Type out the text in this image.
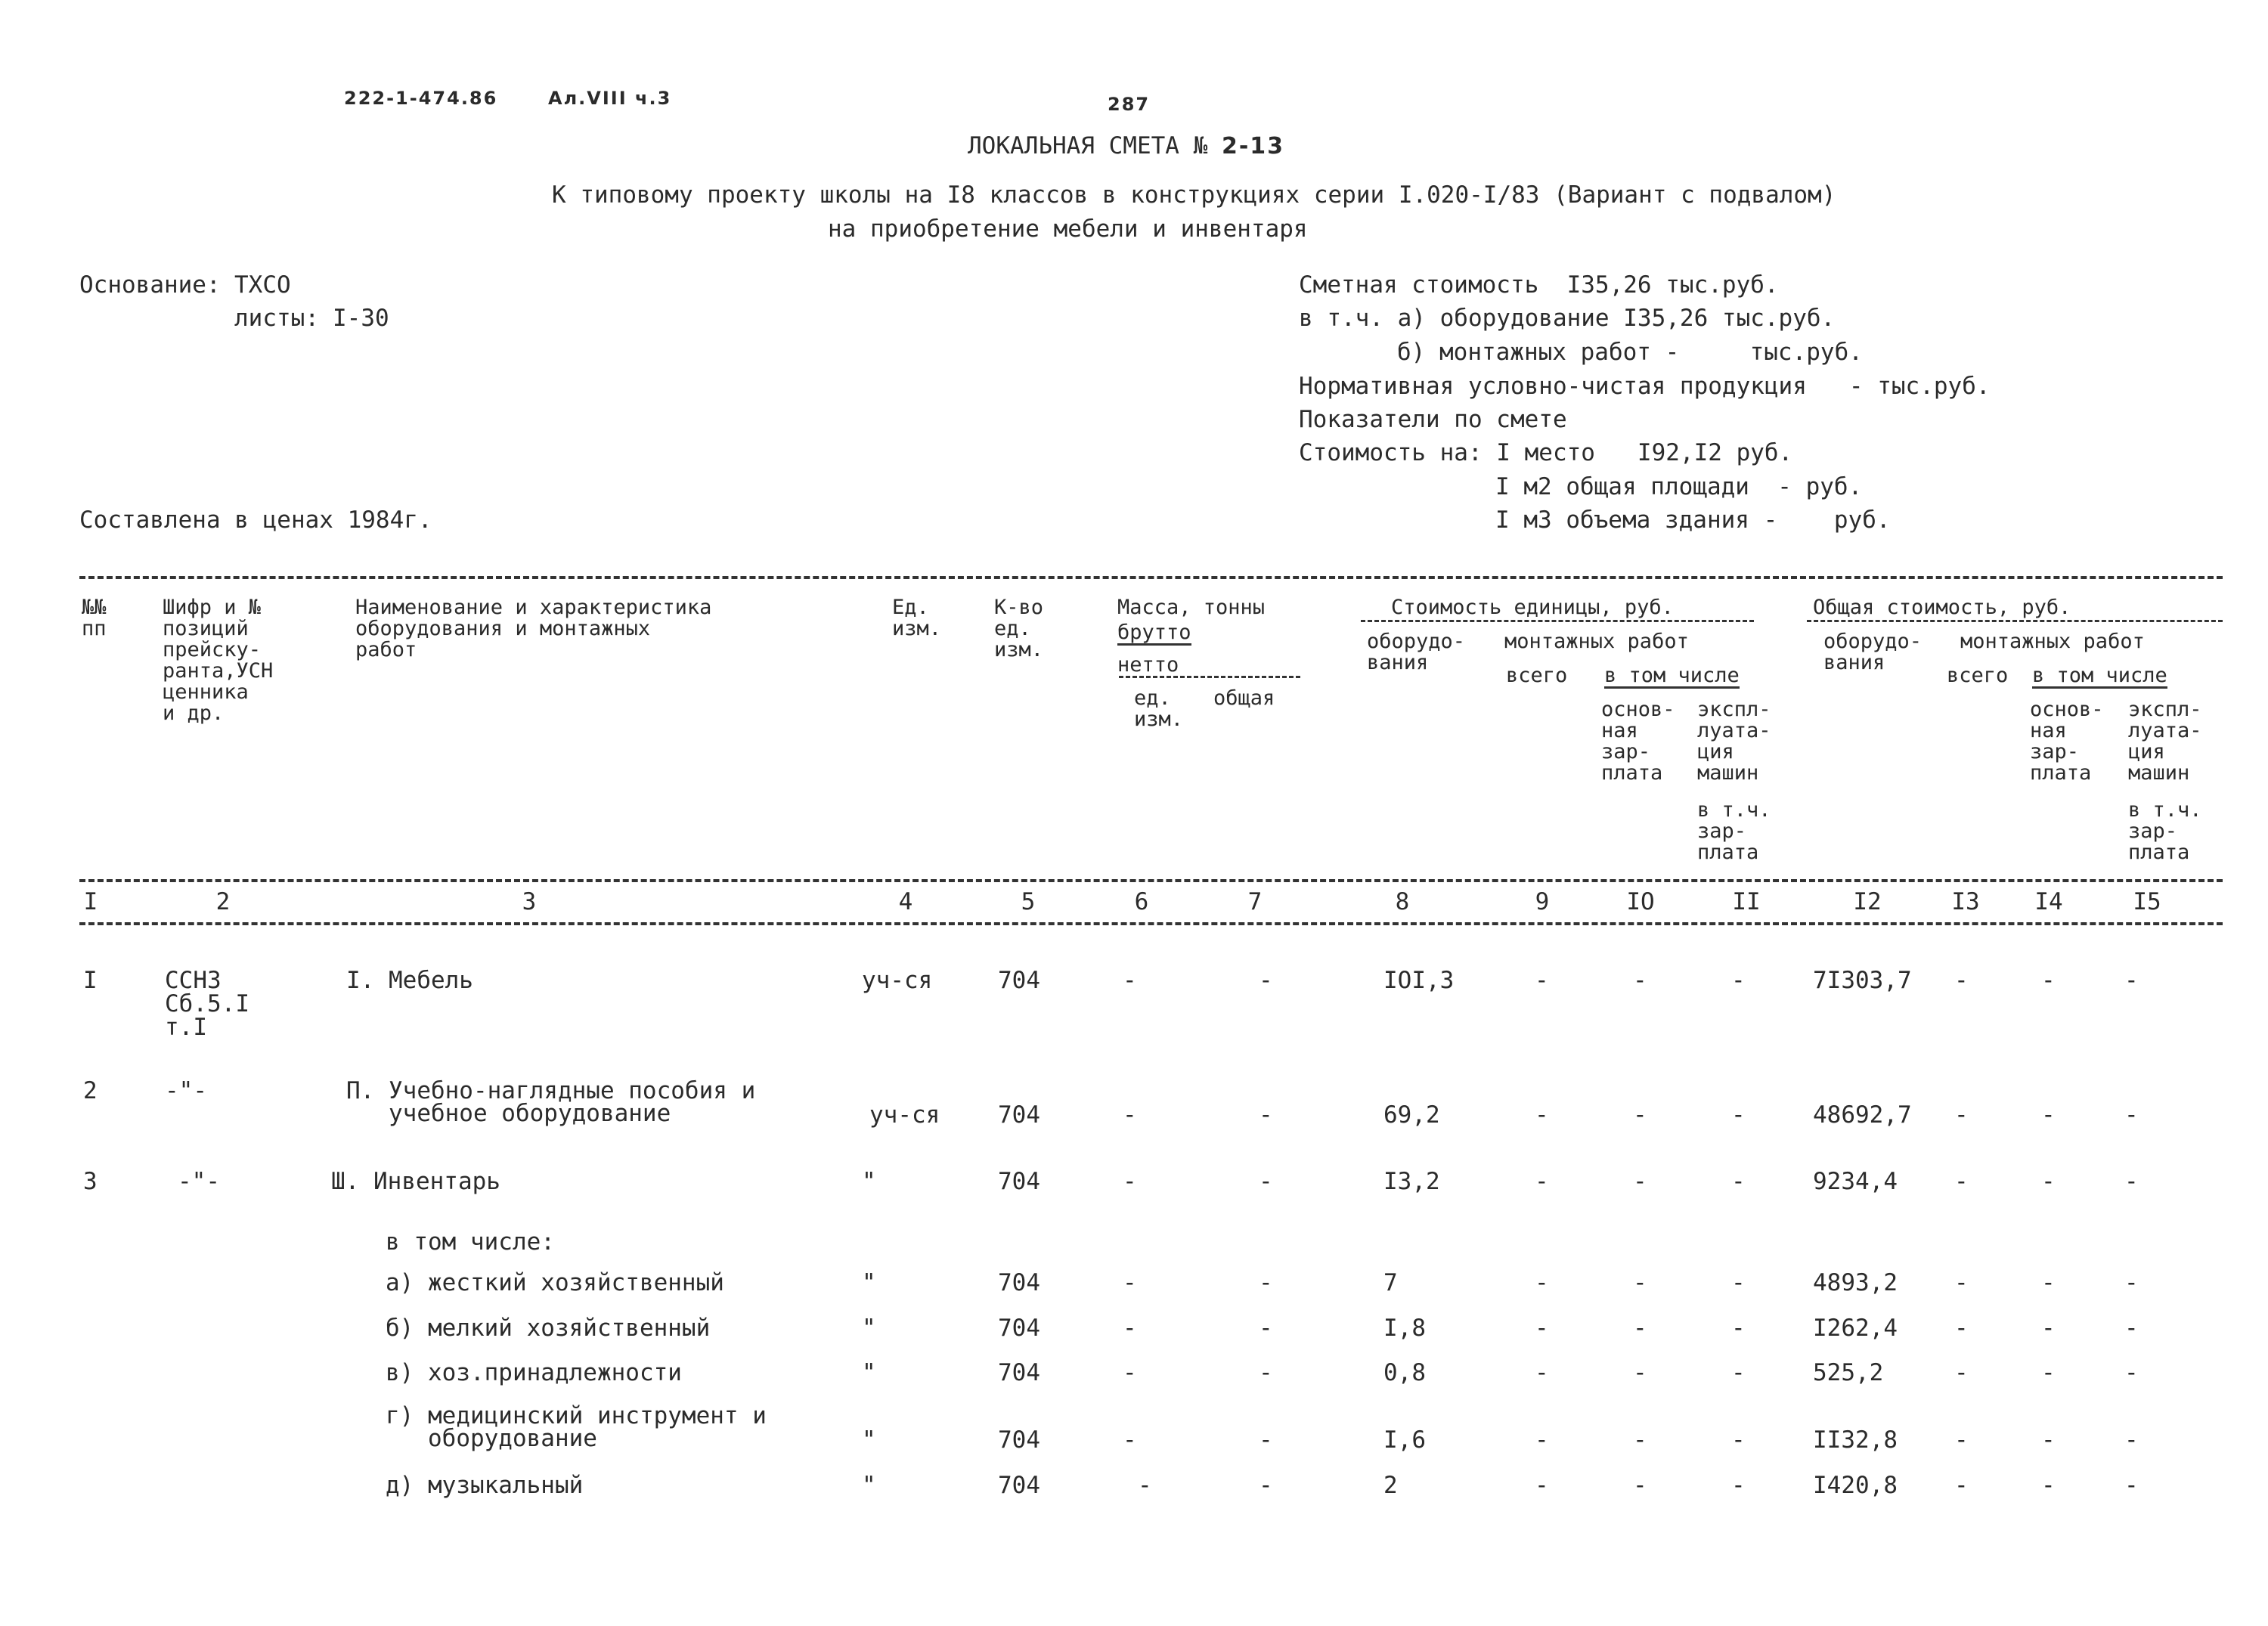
222-1-474.86	Ал.VIII ч.3	287
ЛОКАЛЬНАЯ СМЕТА № 2-13
К типовому проекту школы на I8 классов в конструкциях серии I.020-I/83 (Вариант с подвалом)
на приобретение мебели и инвентаря
Основание: ТХСО
листы: I-30
Составлена в ценах 1984г.
Сметная стоимость  I35,26 тыс.руб.
в т.ч. а) оборудование I35,26 тыс.руб.
б) монтажных работ -     тыс.руб.
Нормативная условно-чистая продукция   - тыс.руб.
Показатели по смете
Стоимость на: I место   I92,I2 руб.
I м2 общая площади  - руб.
I м3 объема здания -    руб.
№№
пп
Шифр и №
позиций
прейску-
ранта,УСН
ценника
и др.
Наименование и характеристика
оборудования и монтажных
работ
Ед.
изм.
К-во
ед.
изм.
Масса, тонны
брутто
нетто
ед.
изм.
общая
Стоимость единицы, руб.
оборудо-
вания
монтажных работ
всего в том числе
основ-
ная
зар-
плата
экспл-
луата-
ция
машин
в т.ч.
зар-
плата
Общая стоимость, руб.
оборудо-
вания
монтажных работ
всего в том числе
основ-
ная
зар-
плата
экспл-
луата-
ция
машин
в т.ч.
зар-
плата
I	2	3	4	5	6	7	8	9	IO	II	I2	I3	I4	I5
I	ССНЗ
Сб.5.I
т.I
I. Мебель	уч-ся	704	-	-	IOI,3	-	-	-	7I303,7 -	-	-
2	-"-	П. Учебно-наглядные пособия и
учебное оборудование	уч-ся 704	-	-	69,2	-	-	-	48692,7 -	-	-
3	-"-	Ш. Инвентарь	"	704	-	-	I3,2	-	-	-	9234,4 -	-	-
в том числе:
а) жесткий хозяйственный	"	704	-	-	7	-	-	-	4893,2 -	-	-
б) мелкий хозяйственный	"	704	-	-	I,8	-	-	-	I262,4 -	-	-
в) хоз.принадлежности	"	704	-	-	0,8	-	-	-	525,2	-	-	-
г) медицинский инструмент и
оборудование	"	704	-	-	I,6	-	-	-	II32,8 -	-	-
д) музыкальный	"	704	-	-	2	-	-	-	I420,8 -	-	-
